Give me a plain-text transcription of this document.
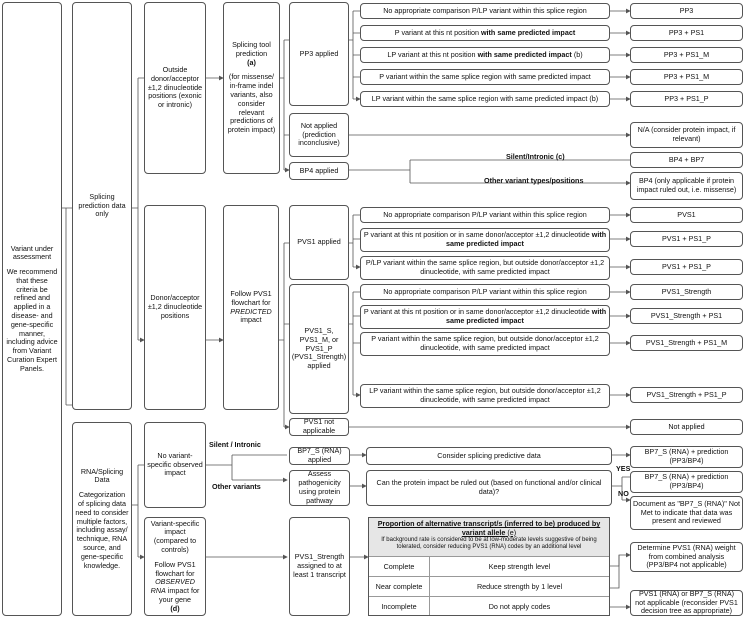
Variant under assessment
We recommend that these criteria be refined and applied in a disease- and gene-specific manner, including advice from Variant Curation Expert Panels.
Splicing prediction data only
Outside donor/acceptor ±1,2 dinucleotide positions (exonic or intronic)
Splicing tool prediction
(a)
(for missense/ in-frame indel variants, also consider relevant predictions of protein impact)
PP3 applied
No appropriate comparison P/LP variant within this splice region
P variant at this nt position with same predicted impact
LP variant at this nt position with same predicted impact (b)
P variant within the same splice region with same predicted impact
LP variant within the same splice region with same predicted impact (b)
PP3
PP3 + PS1
PP3 + PS1_M
PP3 + PS1_M
PP3 + PS1_P
Not applied (prediction inconclusive)
N/A (consider protein impact, if relevant)
BP4 applied
Silent/Intronic (c)
Other variant types/positions
BP4 + BP7
BP4 (only applicable if protein impact ruled out, i.e. missense)
Donor/acceptor ±1,2 dinucleotide positions
Follow PVS1 flowchart for PREDICTED impact
PVS1 applied
No appropriate comparison P/LP variant within this splice region
P variant at this nt position or in same donor/acceptor ±1,2 dinucleotide with same predicted impact
P/LP variant within the same splice region, but outside donor/acceptor ±1,2 dinucleotide, with same predicted impact
PVS1
PVS1 + PS1_P
PVS1 + PS1_P
PVS1_S, PVS1_M, or PVS1_P (PVS1_Strength) applied
No appropriate comparison P/LP variant within this splice region
P variant at this nt position or in same donor/acceptor ±1,2 dinucleotide with same predicted impact
P variant within the same splice region, but outside donor/acceptor ±1,2 dinucleotide, with same predicted impact
LP variant within the same splice region, but outside donor/acceptor ±1,2 dinucleotide, with same predicted impact
PVS1_Strength
PVS1_Strength + PS1
PVS1_Strength + PS1_M
PVS1_Strength + PS1_P
PVS1 not applicable	Not applied
RNA/Splicing Data
Categorization of splicing data need to consider multiple factors, including assay/ technique, RNA source, and gene-specific knowledge.
No variant-specific observed impact
Silent / Intronic
Other variants
BP7_S (RNA) applied	Consider splicing predictive data	BP7_S (RNA) + prediction (PP3/BP4)
Assess pathogenicity using protein pathway
Can the protein impact be ruled out (based on functional and/or clinical data)?
YES
NO
BP7_S (RNA) + prediction (PP3/BP4)
Document as "BP7_S (RNA)" Not Met to indicate that data was present and reviewed
Variant-specific impact (compared to controls)
Follow PVS1 flowchart for OBSERVED RNA impact for your gene
(d)
PVS1_Strength assigned to at least 1 transcript
Proportion of alternative transcript/s (inferred to be) produced by variant allele (e)
If background rate is considered to be at low-moderate levels suggestive of being tolerated, consider reducing PVS1 (RNA) codes by an additional level
Complete	Keep strength level
Near complete	Reduce strength by 1 level
Incomplete	Do not apply codes
Determine PVS1 (RNA) weight from combined analysis (PP3/BP4 not applicable)
PVS1 (RNA) or BP7_S (RNA) not applicable (reconsider PVS1 decision tree as appropriate)
